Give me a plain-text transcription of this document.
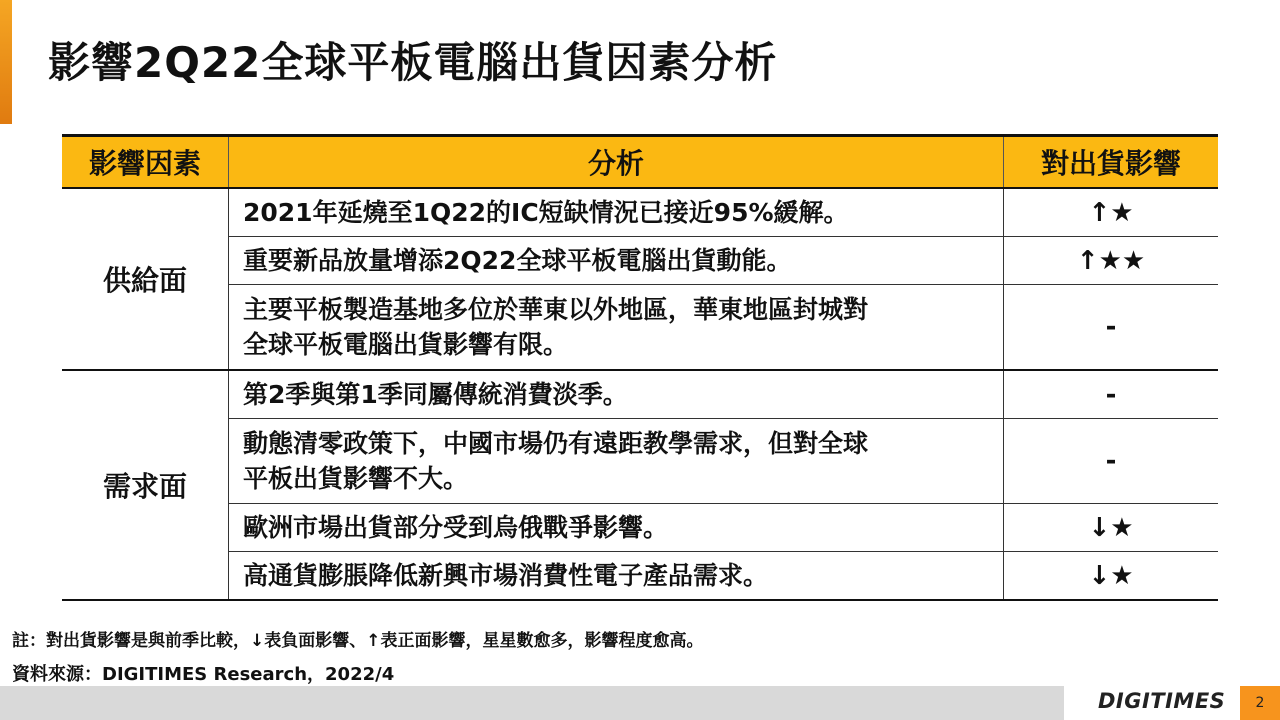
影響2Q22全球平板電腦出貨因素分析
影響因素	分析	對出貨影響
供給面	2021年延燒至1Q22的IC短缺情況已接近95%緩解。	↑★
	重要新品放量增添2Q22全球平板電腦出貨動能。	↑★★

	主要平板製造基地多位於華東以外地區，華東地區封城對
全球平板電腦出貨影響有限。	-
需求面	第2季與第1季同屬傳統消費淡季。	-

	動態清零政策下，中國市場仍有遠距教學需求，但對全球
平板出貨影響不大。	-
	歐洲市場出貨部分受到烏俄戰爭影響。	↓★
	高通貨膨脹降低新興市場消費性電子產品需求。	↓★
註：對出貨影響是與前季比較，↓表負面影響、↑表正面影響，星星數愈多，影響程度愈高。
資料來源：DIGITIMES Research，2022/4
DIGITIMES	2
